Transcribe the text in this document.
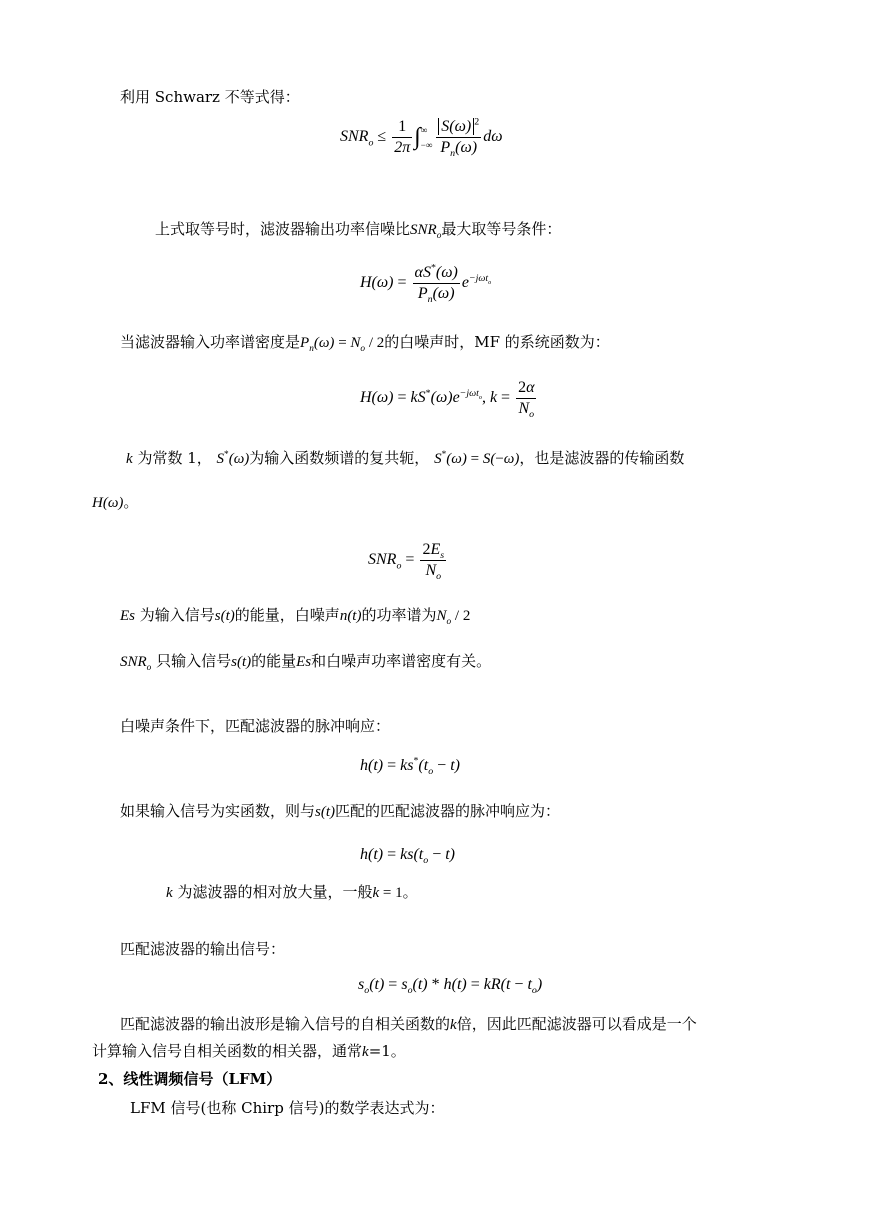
利用 Schwarz 不等式得：
$SNR_o \le \frac{1}{2\pi}$ ∫ ∞
−∞ $\frac{S(\omega) ^2}{P_n(\omega)}$ dω
上式取等号时，滤波器输出功率信噪比$SNR_o$最大取等号条件：
$H(\omega) = \frac{\alpha S^*(\omega)}{P_n(\omega)} e^{-j\omega t_o}$
当滤波器输入功率谱密度是$P_n(\omega) = N_o / 2$的白噪声时，MF 的系统函数为：
$H(\omega) = kS^*(\omega)e^{-j\omega t_o}$, $k = \frac{2\alpha}{N_o}$
k 为常数 1， S*(ω)为输入函数频谱的复共轭， S*(ω) = S(−ω)，也是滤波器的传输函数
H(ω)。
$SNR_o = \frac{2E_s}{N_o}$
Es 为输入信号s(t)的能量，白噪声n(t)的功率谱为$N_o / 2$
$SNR_o$ 只输入信号s(t)的能量Es和白噪声功率谱密度有关。
白噪声条件下，匹配滤波器的脉冲响应：
$h(t) = ks^*(t_o - t)$
如果输入信号为实函数，则与s(t)匹配的匹配滤波器的脉冲响应为：
$h(t) = ks(t_o - t)$
k 为滤波器的相对放大量，一般k = 1。
匹配滤波器的输出信号：
$s_o(t) = s_o(t) * h(t) = kR(t - t_o)$
匹配滤波器的输出波形是输入信号的自相关函数的k倍，因此匹配滤波器可以看成是一个
计算输入信号自相关函数的相关器，通常k=1。
2、线性调频信号（LFM）
LFM 信号(也称 Chirp 信号)的数学表达式为：
